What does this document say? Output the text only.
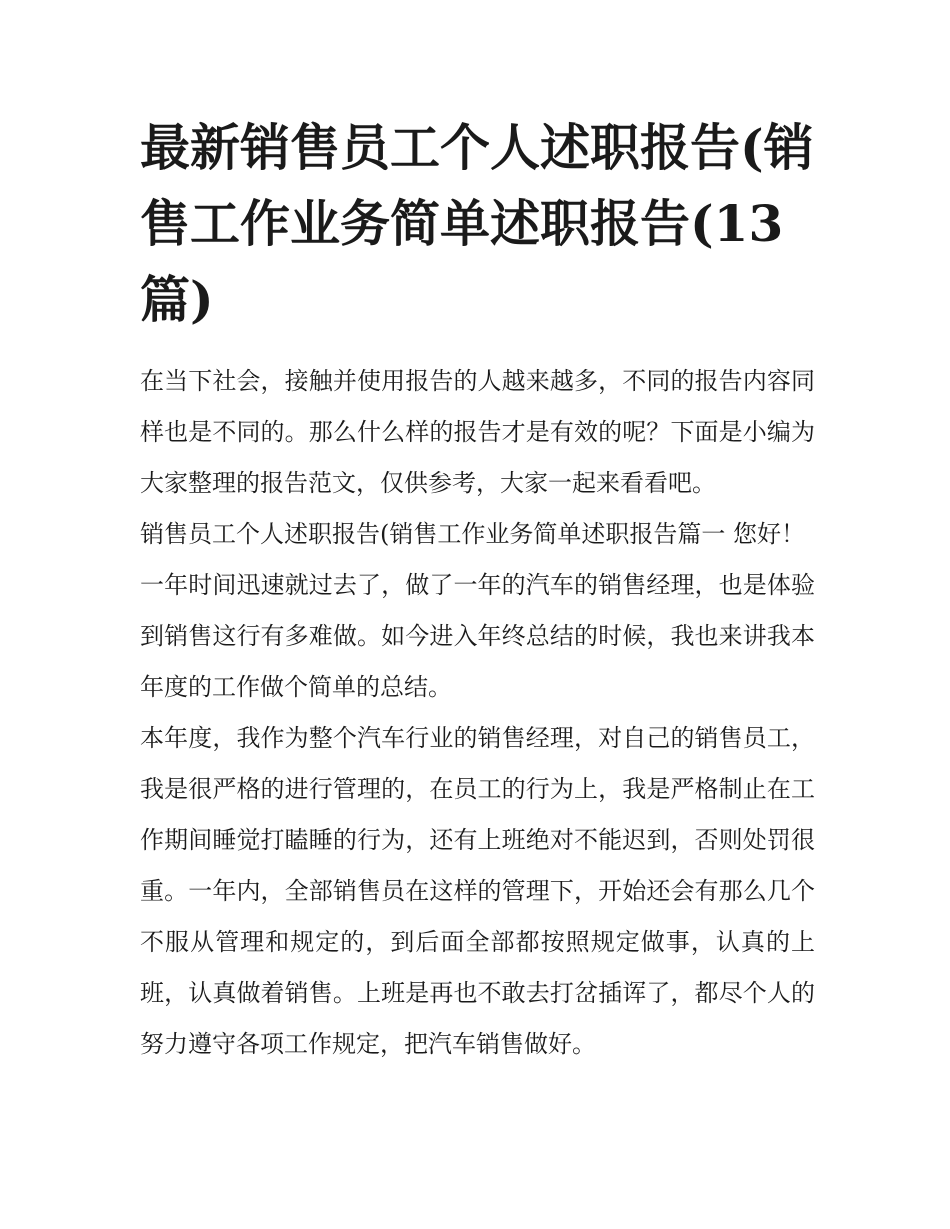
最新销售员工个人述职报告(销售工作业务简单述职报告(13篇)

在当下社会，接触并使用报告的人越来越多，不同的报告内容同样也是不同的。那么什么样的报告才是有效的呢？下面是小编为大家整理的报告范文，仅供参考，大家一起来看看吧。

销售员工个人述职报告(销售工作业务简单述职报告篇一 您好！

一年时间迅速就过去了，做了一年的汽车的销售经理，也是体验到销售这行有多难做。如今进入年终总结的时候，我也来讲我本年度的工作做个简单的总结。

本年度，我作为整个汽车行业的销售经理，对自己的销售员工，我是很严格的进行管理的，在员工的行为上，我是严格制止在工作期间睡觉打瞌睡的行为，还有上班绝对不能迟到，否则处罚很重。一年内，全部销售员在这样的管理下，开始还会有那么几个不服从管理和规定的，到后面全部都按照规定做事，认真的上班，认真做着销售。上班是再也不敢去打岔插诨了，都尽个人的努力遵守各项工作规定，把汽车销售做好。
